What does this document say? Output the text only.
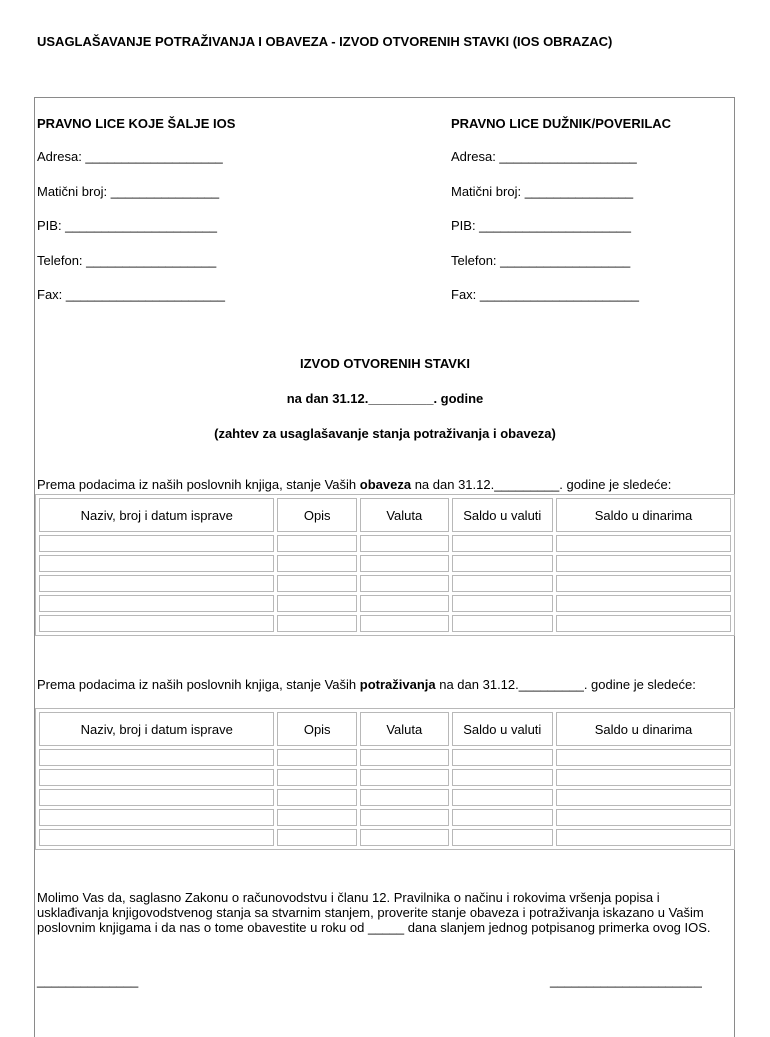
USAGLAŠAVANJE POTRAŽIVANJA I OBAVEZA - IZVOD OTVORENIH STAVKI (IOS OBRAZAC)
PRAVNO LICE KOJE ŠALJE IOS
Adresa: ___________________
Matični broj: _______________
PIB: _____________________
Telefon: __________________
Fax: ______________________
PRAVNO LICE DUŽNIK/POVERILAC
Adresa: ___________________
Matični broj: _______________
PIB: _____________________
Telefon: __________________
Fax: ______________________
IZVOD OTVORENIH STAVKI
na dan 31.12._________. godine
(zahtev za usaglašavanje stanja potraživanja i obaveza)
Prema podacima iz naših poslovnih knjiga, stanje Vaših obaveza na dan 31.12._________. godine je sledeće:
Naziv, broj i datum isprave	Opis	Valuta	Saldo u valuti	Saldo u dinarima

Prema podacima iz naših poslovnih knjiga, stanje Vaših potraživanja na dan 31.12._________. godine je sledeće:
Naziv, broj i datum isprave	Opis	Valuta	Saldo u valuti	Saldo u dinarima

Molimo Vas da, saglasno Zakonu o računovodstvu i članu 12. Pravilnika o načinu i rokovima vršenja popisa i usklađivanja knjigovodstvenog stanja sa stvarnim stanjem, proverite stanje obaveza i potraživanja iskazano u Vašim poslovnim knjigama i da nas o tome obavestite u roku od _____ dana slanjem jednog potpisanog primerka ovog IOS.
______________	_____________________
